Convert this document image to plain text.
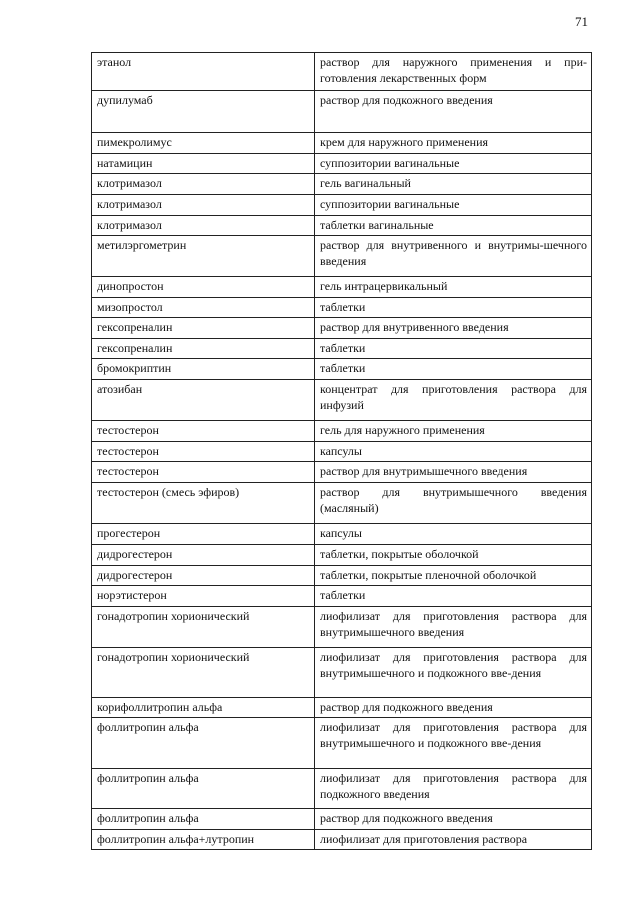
71
этанол	раствор для наружного применения и при-готовления лекарственных форм
дупилумаб	раствор для подкожного введения
пимекролимус	крем для наружного применения
натамицин	суппозитории вагинальные
клотримазол	гель вагинальный
клотримазол	суппозитории вагинальные
клотримазол	таблетки вагинальные
метилэргометрин	раствор для внутривенного и внутримы-шечного введения
динопростон	гель интрацервикальный
мизопростол	таблетки
гексопреналин	раствор для внутривенного введения
гексопреналин	таблетки
бромокриптин	таблетки
атозибан	концентрат для приготовления раствора для инфузий
тестостерон	гель для наружного применения
тестостерон	капсулы
тестостерон	раствор для внутримышечного введения
тестостерон (смесь эфиров)	раствор для внутримышечного введения (масляный)
прогестерон	капсулы
дидрогестерон	таблетки, покрытые оболочкой
дидрогестерон	таблетки, покрытые пленочной оболочкой
норэтистерон	таблетки
гонадотропин хорионический	лиофилизат для приготовления раствора для внутримышечного введения
гонадотропин хорионический	лиофилизат для приготовления раствора для внутримышечного и подкожного вве-дения
корифоллитропин альфа	раствор для подкожного введения
фоллитропин альфа	лиофилизат для приготовления раствора для внутримышечного и подкожного вве-дения
фоллитропин альфа	лиофилизат для приготовления раствора для подкожного введения
фоллитропин альфа	раствор для подкожного введения
фоллитропин альфа+лутропин	лиофилизат для приготовления раствора
